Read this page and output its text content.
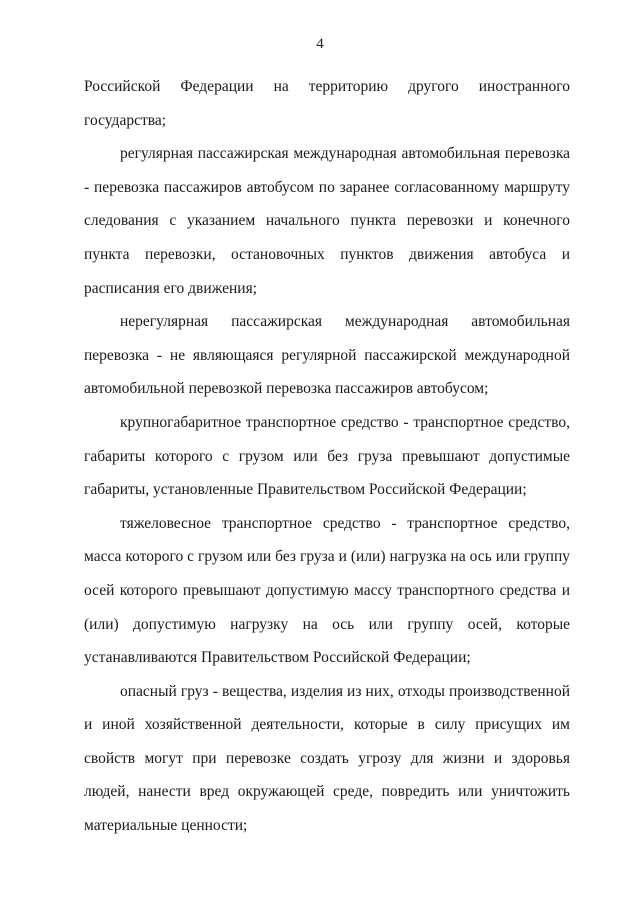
4

Российской Федерации на территорию другого иностранного государства;

регулярная пассажирская международная автомобильная перевозка - перевозка пассажиров автобусом по заранее согласованному маршруту следования с указанием начального пункта перевозки и конечного пункта перевозки, остановочных пунктов движения автобуса и расписания его движения;

нерегулярная пассажирская международная автомобильная перевозка - не являющаяся регулярной пассажирской международной автомобильной перевозкой перевозка пассажиров автобусом;

крупногабаритное транспортное средство - транспортное средство, габариты которого с грузом или без груза превышают допустимые габариты, установленные Правительством Российской Федерации;

тяжеловесное транспортное средство - транспортное средство, масса которого с грузом или без груза и (или) нагрузка на ось или группу осей которого превышают допустимую массу транспортного средства и (или) допустимую нагрузку на ось или группу осей, которые устанавливаются Правительством Российской Федерации;

опасный груз - вещества, изделия из них, отходы производственной и иной хозяйственной деятельности, которые в силу присущих им свойств могут при перевозке создать угрозу для жизни и здоровья людей, нанести вред окружающей среде, повредить или уничтожить материальные ценности;
